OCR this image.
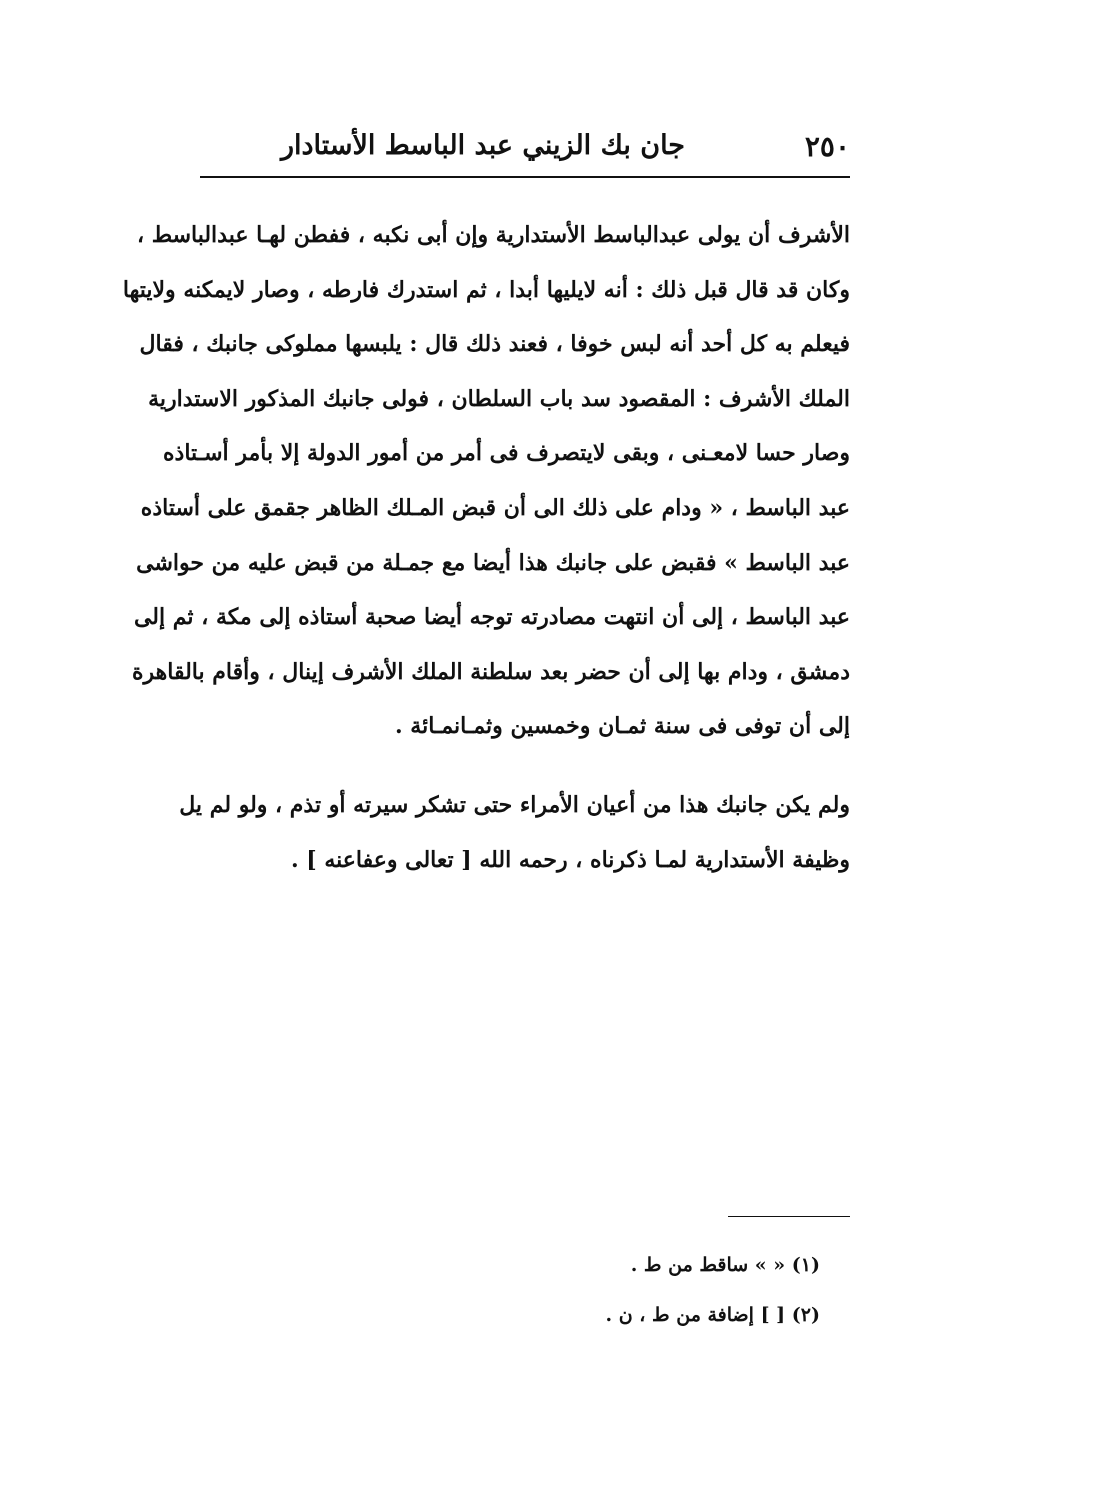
٢٥٠
جان بك الزيني عبد الباسط الأستادار
الأشرف أن يولى عبدالباسط الأستدارية وإن أبى نكبه ، ففطن لهـا عبدالباسط ،
وكان قد قال قبل ذلك : أنه لايليها أبدا ، ثم استدرك فارطه ، وصار لايمكنه ولايتها
فيعلم به كل أحد أنه لبس خوفا ، فعند ذلك قال : يلبسها مملوكى جانبك ، فقال
الملك الأشرف : المقصود سد باب السلطان ، فولى جانبك المذكور الاستدارية
وصار حسا لامعـنى ، وبقى لايتصرف فى أمر من أمور الدولة إلا بأمر أسـتاذه
عبد الباسط ، « ودام على ذلك الى أن قبض المـلك الظاهر جقمق على أستاذه
عبد الباسط » فقبض على جانبك هذا أيضا مع جمـلة من قبض عليه من حواشى
عبد الباسط ، إلى أن انتهت مصادرته توجه أيضا صحبة أستاذه إلى مكة ، ثم إلى
دمشق ، ودام بها إلى أن حضر بعد سلطنة الملك الأشرف إينال ، وأقام بالقاهرة
إلى أن توفى فى سنة ثمـان وخمسين وثمـانمـائة .
ولم يكن جانبك هذا من أعيان الأمراء حتى تشكر سيرته أو تذم ، ولو لم يل
وظيفة الأستدارية لمـا ذكرناه ، رحمه الله [ تعالى وعفاعنه ] .
(١) « » ساقط من ط .
(٢) [ ] إضافة من ط ، ن .
